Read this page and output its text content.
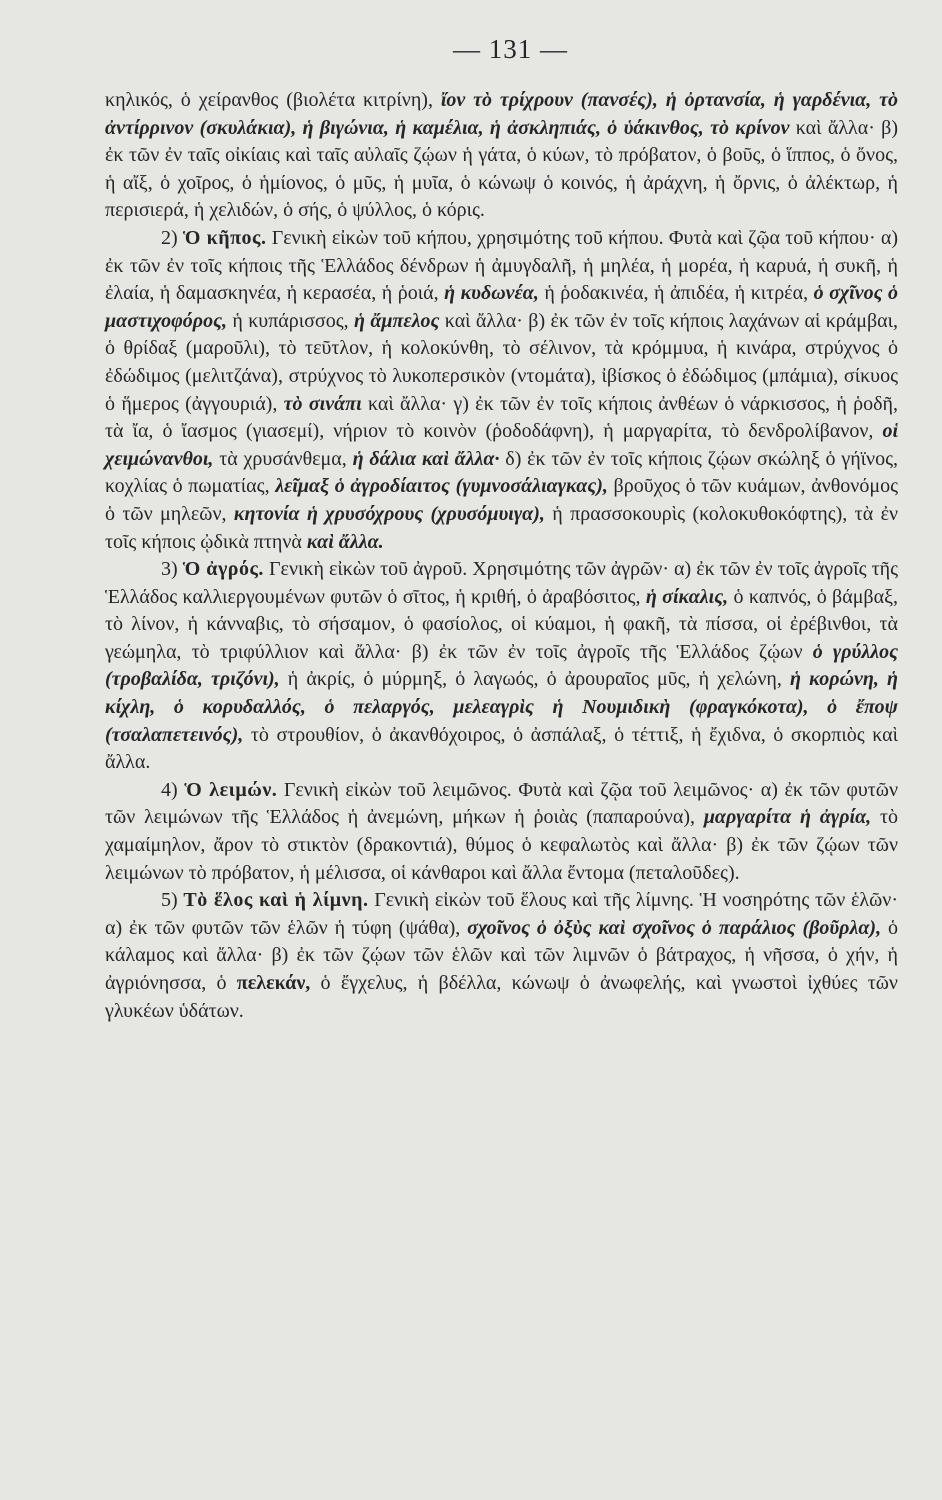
— 131 —

κηλικός, ὁ χείρανθος (βιολέτα κιτρίνη), ἴον τὸ τρίχρουν (πανσές), ἡ ὀρτανσία, ἡ γαρδένια, τὸ ἀντίρρινον (σκυλάκια), ἡ βιγώνια, ἡ καμέλια, ἡ ἀσκληπιάς, ὁ ὑάκινθος, τὸ κρίνον καὶ ἄλλα· β) ἐκ τῶν ἐν ταῖς οἰκίαις καὶ ταῖς αὐλαῖς ζῴων ἡ γάτα, ὁ κύων, τὸ πρόβατον, ὁ βοῦς, ὁ ἵππος, ὁ ὄνος, ἡ αἴξ, ὁ χοῖρος, ὁ ἡμίονος, ὁ μῦς, ἡ μυῖα, ὁ κώνωψ ὁ κοινός, ἡ ἀράχνη, ἡ ὄρνις, ὁ ἀλέκτωρ, ἡ περισιερά, ἡ χελιδών, ὁ σής, ὁ ψύλλος, ὁ κόρις.

2) Ὁ κῆπος. Γενικὴ εἰκὼν τοῦ κήπου, χρησιμότης τοῦ κήπου. Φυτὰ καὶ ζῷα τοῦ κήπου· α) ἐκ τῶν ἐν τοῖς κήποις τῆς Ἑλλάδος δένδρων ἡ ἀμυγδαλῆ, ἡ μηλέα, ἡ μορέα, ἡ καρυά, ἡ συκῆ, ἡ ἐλαία, ἡ δαμασκηνέα, ἡ κερασέα, ἡ ῥοιά, ἡ κυδωνέα, ἡ ῥοδακινέα, ἡ ἀπιδέα, ἡ κιτρέα, ὁ σχῖνος ὁ μαστιχοφόρος, ἡ κυπάρισσος, ἡ ἄμπελος καὶ ἄλλα· β) ἐκ τῶν ἐν τοῖς κήποις λαχάνων αἱ κράμβαι, ὁ θρίδαξ (μαροῦλι), τὸ τεῦτλον, ἡ κολοκύνθη, τὸ σέλινον, τὰ κρόμμυα, ἡ κινάρα, στρύχνος ὁ ἐδώδιμος (μελιτζάνα), στρύχνος τὸ λυκοπερσικὸν (ντομάτα), ἰβίσκος ὁ ἐδώδιμος (μπάμια), σίκυος ὁ ἥμερος (ἀγγουριά), τὸ σινάπι καὶ ἄλλα· γ) ἐκ τῶν ἐν τοῖς κήποις ἀνθέων ὁ νάρκισσος, ἡ ῥοδῆ, τὰ ἴα, ὁ ἴασμος (γιασεμί), νήριον τὸ κοινὸν (ῥοδοδάφνη), ἡ μαργαρίτα, τὸ δενδρολίβανον, οἱ χειμώνανθοι, τὰ χρυσάνθεμα, ἡ δάλια καὶ ἄλλα· δ) ἐκ τῶν ἐν τοῖς κήποις ζῴων σκώληξ ὁ γήϊνος, κοχλίας ὁ πωματίας, λεῖμαξ ὁ ἀγροδίαιτος (γυμνοσάλιαγκας), βροῦχος ὁ τῶν κυάμων, ἀνθονόμος ὁ τῶν μηλεῶν, κητονία ἡ χρυσόχρους (χρυσόμυιγα), ἡ πρασσοκουρὶς (κολοκυθοκόφτης), τὰ ἐν τοῖς κήποις ᾠδικὰ πτηνὰ καὶ ἄλλα.

3) Ὁ ἀγρός. Γενικὴ εἰκὼν τοῦ ἀγροῦ. Χρησιμότης τῶν ἀγρῶν· α) ἐκ τῶν ἐν τοῖς ἀγροῖς τῆς Ἑλλάδος καλλιεργουμένων φυτῶν ὁ σῖτος, ἡ κριθή, ὁ ἀραβόσιτος, ἡ σίκαλις, ὁ καπνός, ὁ βάμβαξ, τὸ λίνον, ἡ κάνναβις, τὸ σήσαμον, ὁ φασίολος, οἱ κύαμοι, ἡ φακῆ, τὰ πίσσα, οἱ ἐρέβινθοι, τὰ γεώμηλα, τὸ τριφύλλιον καὶ ἄλλα· β) ἐκ τῶν ἐν τοῖς ἀγροῖς τῆς Ἑλλάδος ζῴων ὁ γρύλλος (τροβαλίδα, τριζόνι), ἡ ἀκρίς, ὁ μύρμηξ, ὁ λαγωός, ὁ ἀρουραῖος μῦς, ἡ χελώνη, ἡ κορώνη, ἡ κίχλη, ὁ κορυδαλλός, ὁ πελαργός, μελεαγρὶς ἡ Νουμιδικὴ (φραγκόκοτα), ὁ ἔποψ (τσαλαπετεινός), τὸ στρουθίον, ὁ ἀκανθόχοιρος, ὁ ἀσπάλαξ, ὁ τέττιξ, ἡ ἔχιδνα, ὁ σκορπιὸς καὶ ἄλλα.

4) Ὁ λειμών. Γενικὴ εἰκὼν τοῦ λειμῶνος. Φυτὰ καὶ ζῷα τοῦ λειμῶνος· α) ἐκ τῶν φυτῶν τῶν λειμώνων τῆς Ἑλλάδος ἡ ἀνεμώνη, μήκων ἡ ῥοιὰς (παπαρούνα), μαργαρίτα ἡ ἀγρία, τὸ χαμαίμηλον, ἄρον τὸ στικτὸν (δρακοντιά), θύμος ὁ κεφαλωτὸς καὶ ἄλλα· β) ἐκ τῶν ζῴων τῶν λειμώνων τὸ πρόβατον, ἡ μέλισσα, οἱ κάνθαροι καὶ ἄλλα ἔντομα (πεταλοῦδες).

5) Τὸ ἕλος καὶ ἡ λίμνη. Γενικὴ εἰκὼν τοῦ ἕλους καὶ τῆς λίμνης. Ἡ νοσηρότης τῶν ἑλῶν· α) ἐκ τῶν φυτῶν τῶν ἑλῶν ἡ τύφη (ψάθα), σχοῖνος ὁ ὀξὺς καὶ σχοῖνος ὁ παράλιος (βοῦρλα), ὁ κάλαμος καὶ ἄλλα· β) ἐκ τῶν ζῴων τῶν ἑλῶν καὶ τῶν λιμνῶν ὁ βάτραχος, ἡ νῆσσα, ὁ χήν, ἡ ἀγριόνησσα, ὁ πελεκάν, ὁ ἔγχελυς, ἡ βδέλλα, κώνωψ ὁ ἀνωφελής, καὶ γνωστοὶ ἰχθύες τῶν γλυκέων ὑδάτων.
